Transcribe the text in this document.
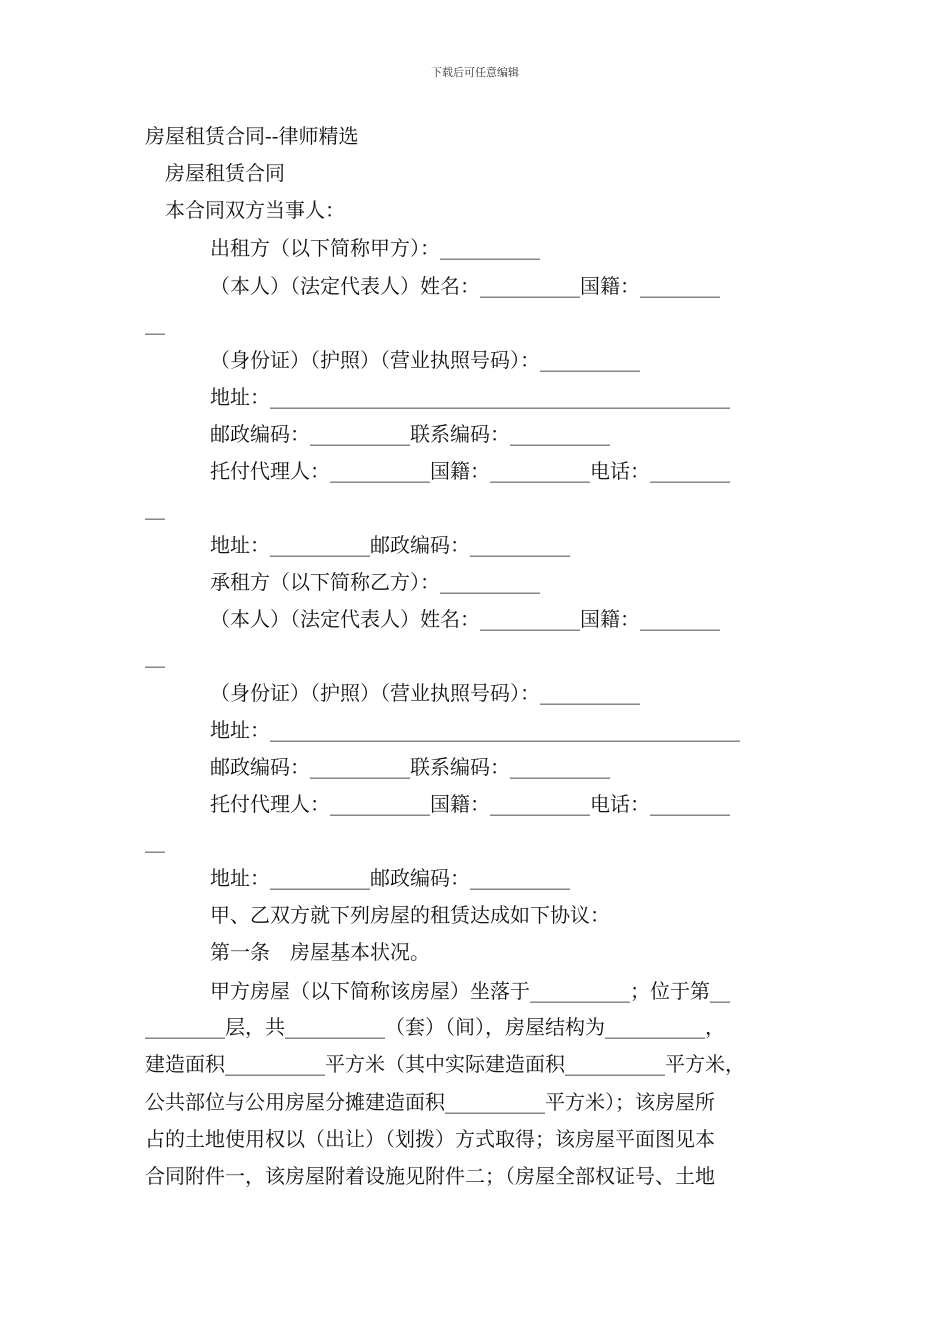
下载后可任意编辑
房屋租赁合同--律师精选
房屋租赁合同
本合同双方当事人：
出租方（以下简称甲方）：__________
（本人）（法定代表人）姓名：__________国籍：________
__
（身份证）（护照）（营业执照号码）：__________
地址：______________________________________________
邮政编码：__________联系编码：__________
托付代理人：__________国籍：__________电话：________
__
地址：__________邮政编码：__________
承租方（以下简称乙方）：__________
（本人）（法定代表人）姓名：__________国籍：________
__
（身份证）（护照）（营业执照号码）：__________
地址：_______________________________________________
邮政编码：__________联系编码：__________
托付代理人：__________国籍：__________电话：________
__
地址：__________邮政编码：__________
甲、乙双方就下列房屋的租赁达成如下协议：
第一条　房屋基本状况。
甲方房屋（以下简称该房屋）坐落于__________；位于第__
________层，共__________（套）（间），房屋结构为__________，
建造面积__________平方米（其中实际建造面积__________平方米，
公共部位与公用房屋分摊建造面积__________平方米）；该房屋所
占的土地使用权以（出让）（划拨）方式取得；该房屋平面图见本
合同附件一，该房屋附着设施见附件二；（房屋全部权证号、土地
